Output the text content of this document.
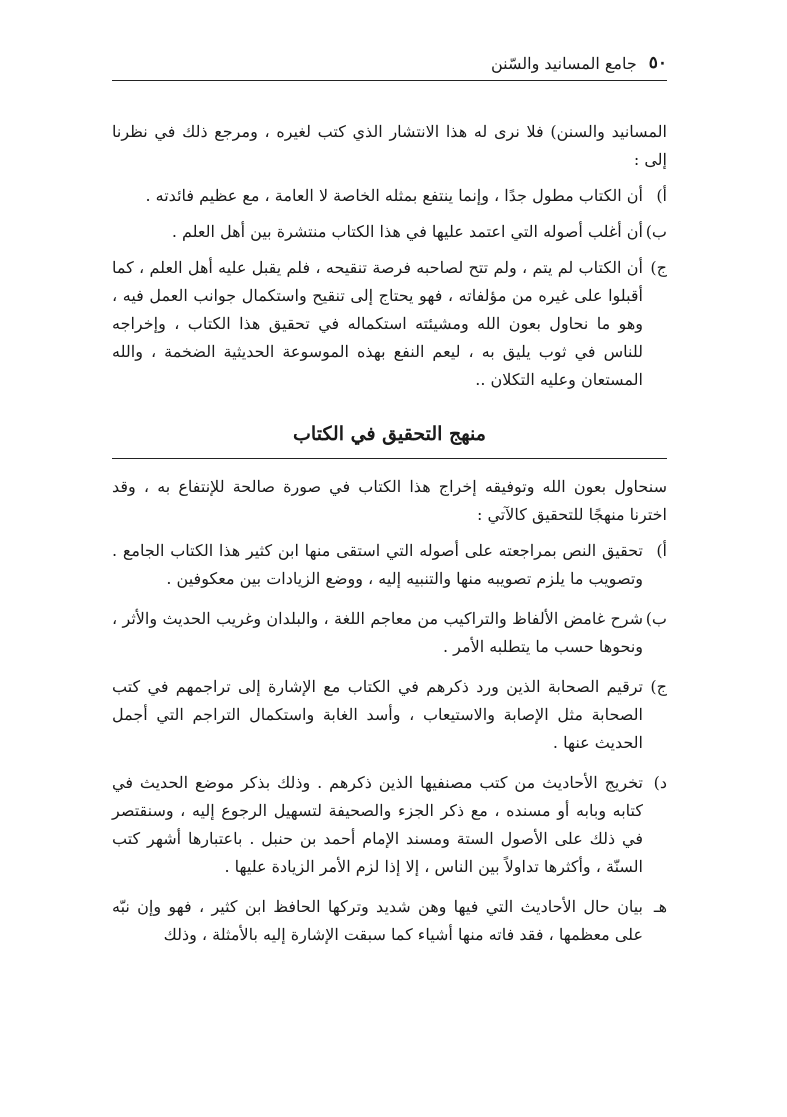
٥٠
جامع المسانيد والسّنن

المسانيد والسنن) فلا نرى له هذا الانتشار الذي كتب لغيره ، ومرجع ذلك في نظرنا إلى :

أ)
أن الكتاب مطول جدًا ، وإنما ينتفع بمثله الخاصة لا العامة ، مع عظيم فائدته .
ب)
أن أغلب أصوله التي اعتمد عليها في هذا الكتاب منتشرة بين أهل العلم .
ج)
أن الكتاب لم يتم ، ولم تتح لصاحبه فرصة تنقيحه ، فلم يقبل عليه أهل العلم ، كما أقبلوا على غيره من مؤلفاته ، فهو يحتاج إلى تنقيح واستكمال جوانب العمل فيه ، وهو ما نحاول بعون الله ومشيئته استكماله في تحقيق هذا الكتاب ، وإخراجه للناس في ثوب يليق به ، ليعم النفع بهذه الموسوعة الحديثية الضخمة ، والله المستعان وعليه التكلان ..
منهج التحقيق في الكتاب

سنحاول بعون الله وتوفيقه إخراج هذا الكتاب في صورة صالحة للإنتفاع به ، وقد اخترنا منهجًا للتحقيق كالآتي :

أ)
تحقيق النص بمراجعته على أصوله التي استقى منها ابن كثير هذا الكتاب الجامع . وتصويب ما يلزم تصويبه منها والتنبيه إليه ، ووضع الزيادات بين معكوفين .
ب)
شرح غامض الألفاظ والتراكيب من معاجم اللغة ، والبلدان وغريب الحديث والأثر ، ونحوها حسب ما يتطلبه الأمر .
ج)
ترقيم الصحابة الذين ورد ذكرهم في الكتاب مع الإشارة إلى تراجمهم في كتب الصحابة مثل الإصابة والاستيعاب ، وأسد الغابة واستكمال التراجم التي أجمل الحديث عنها .
د)
تخريج الأحاديث من كتب مصنفيها الذين ذكرهم . وذلك بذكر موضع الحديث في كتابه وبابه أو مسنده ، مع ذكر الجزء والصحيفة لتسهيل الرجوع إليه ، وسنقتصر في ذلك على الأصول الستة ومسند الإمام أحمد بن حنبل . باعتبارها أشهر كتب السنّة ، وأكثرها تداولاً بين الناس ، إلا إذا لزم الأمر الزيادة عليها .
هـ
بيان حال الأحاديث التي فيها وهن شديد وتركها الحافظ ابن كثير ، فهو وإن نبّه على معظمها ، فقد فاته منها أشياء كما سبقت الإشارة إليه بالأمثلة ، وذلك
